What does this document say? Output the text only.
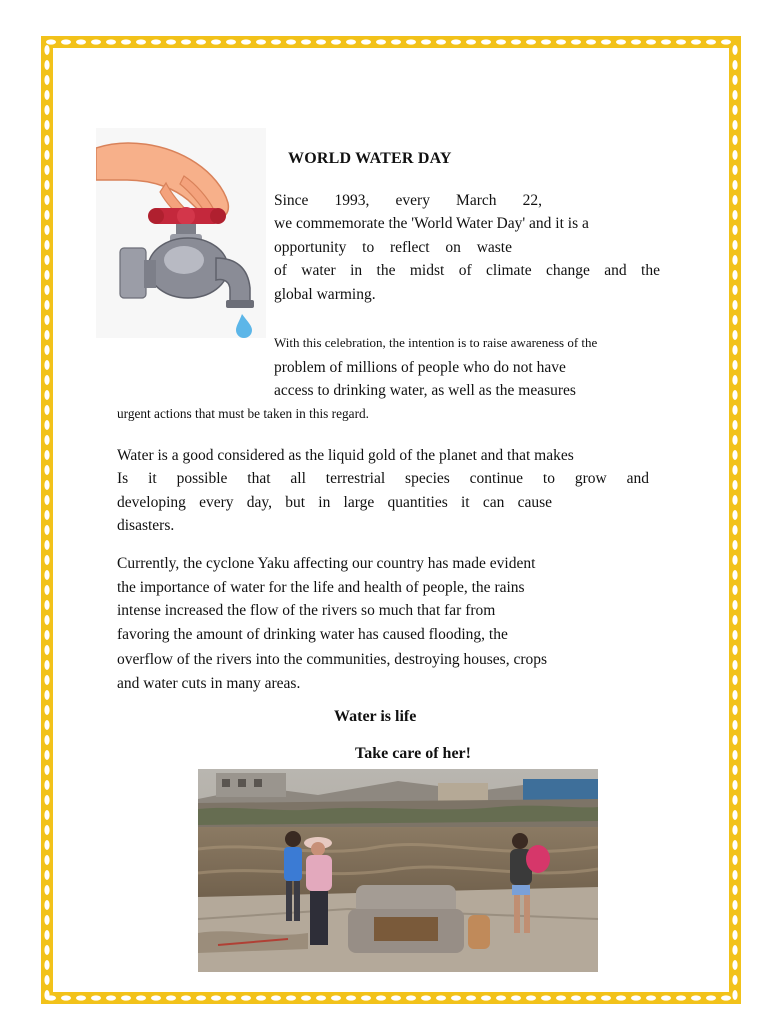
WORLD WATER DAY
Since 1993, every March 22,
we commemorate the 'World Water Day' and it is a
opportunity to reflect on waste
of water in the midst of climate change and the
global warming.
With this celebration, the intention is to raise awareness of the
problem of millions of people who do not have
access to drinking water, as well as the measures
urgent actions that must be taken in this regard.
Water is a good considered as the liquid gold of the planet and that makes
Is it possible that all terrestrial species continue to grow and
developing every day, but in large quantities it can cause
disasters.
Currently, the cyclone Yaku affecting our country has made evident
the importance of water for the life and health of people, the rains
intense increased the flow of the rivers so much that far from
favoring the amount of drinking water has caused flooding, the
overflow of the rivers into the communities, destroying houses, crops
and water cuts in many areas.
Water is life
Take care of her!
